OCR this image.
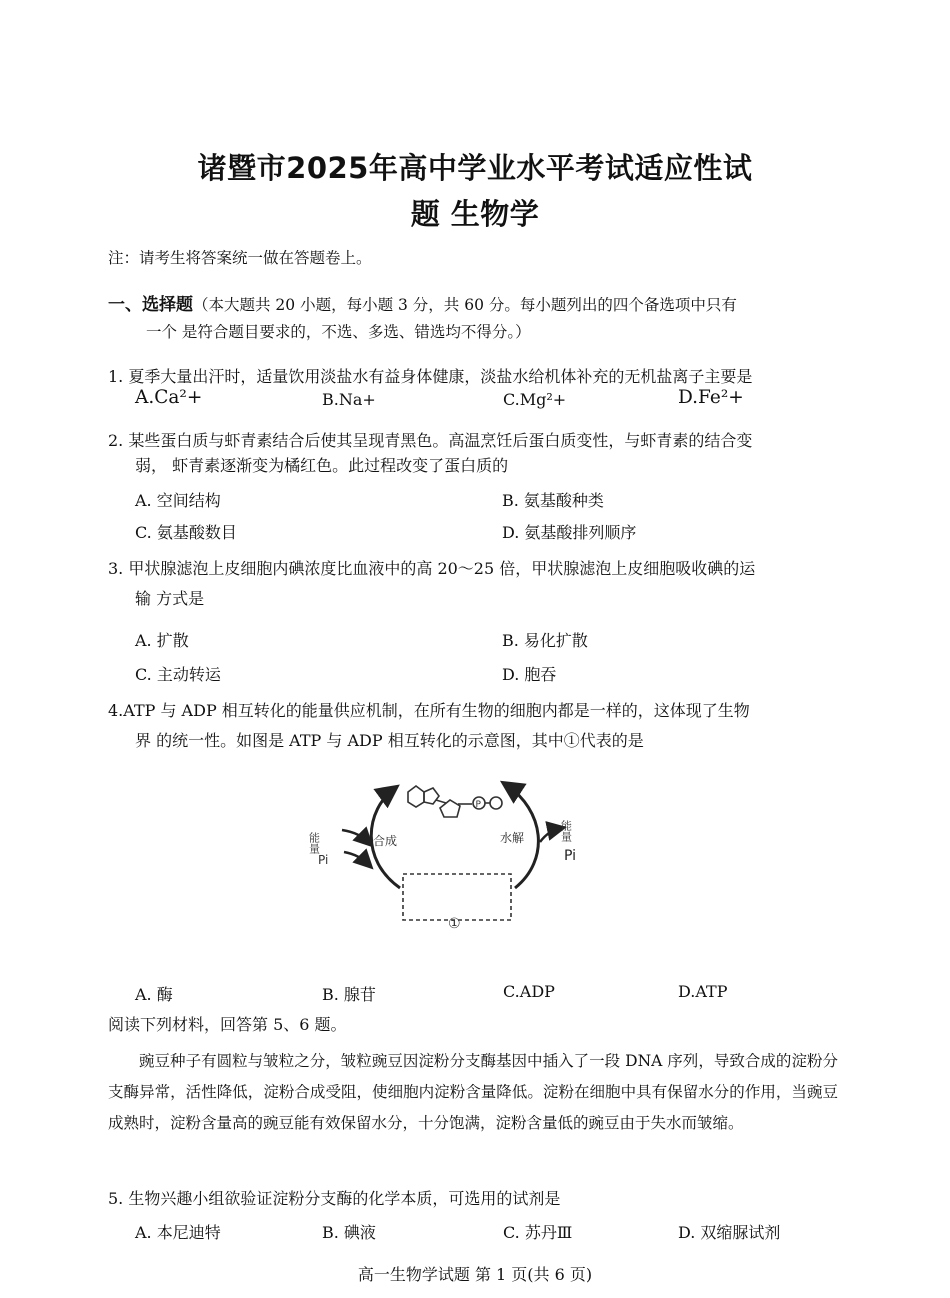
诸暨市2025年高中学业水平考试适应性试
题 生物学
注：请考生将答案统一做在答题卷上。
一、选择题（本大题共 20 小题，每小题 3 分，共 60 分。每小题列出的四个备选项中只有
一个 是符合题目要求的，不选、多选、错选均不得分。）
1. 夏季大量出汗时，适量饮用淡盐水有益身体健康，淡盐水给机体补充的无机盐离子主要是
A.Ca²+	B.Na+	C.Mg²+	D.Fe²+
2. 某些蛋白质与虾青素结合后使其呈现青黑色。高温烹饪后蛋白质变性，与虾青素的结合变
弱， 虾青素逐渐变为橘红色。此过程改变了蛋白质的
A. 空间结构	B. 氨基酸种类
C. 氨基酸数目	D. 氨基酸排列顺序
3. 甲状腺滤泡上皮细胞内碘浓度比血液中的高 20～25 倍，甲状腺滤泡上皮细胞吸收碘的运
输 方式是
A. 扩散	B. 易化扩散
C. 主动转运	D. 胞吞
4.ATP 与 ADP 相互转化的能量供应机制，在所有生物的细胞内都是一样的，这体现了生物
界 的统一性。如图是 ATP 与 ADP 相互转化的示意图，其中①代表的是
P
①
能量
Pi
合成	水解	能量
Pi
A. 酶	B. 腺苷	C.ADP	D.ATP
阅读下列材料，回答第 5、6 题。
豌豆种子有圆粒与皱粒之分，皱粒豌豆因淀粉分支酶基因中插入了一段 DNA 序列，导致合成的淀粉分支酶异常，活性降低，淀粉合成受阻，使细胞内淀粉含量降低。淀粉在细胞中具有保留水分的作用，当豌豆成熟时，淀粉含量高的豌豆能有效保留水分，十分饱满，淀粉含量低的豌豆由于失水而皱缩。
5. 生物兴趣小组欲验证淀粉分支酶的化学本质，可选用的试剂是
A. 本尼迪特	B. 碘液	C. 苏丹Ⅲ	D. 双缩脲试剂
高一生物学试题 第 1 页(共 6 页)
